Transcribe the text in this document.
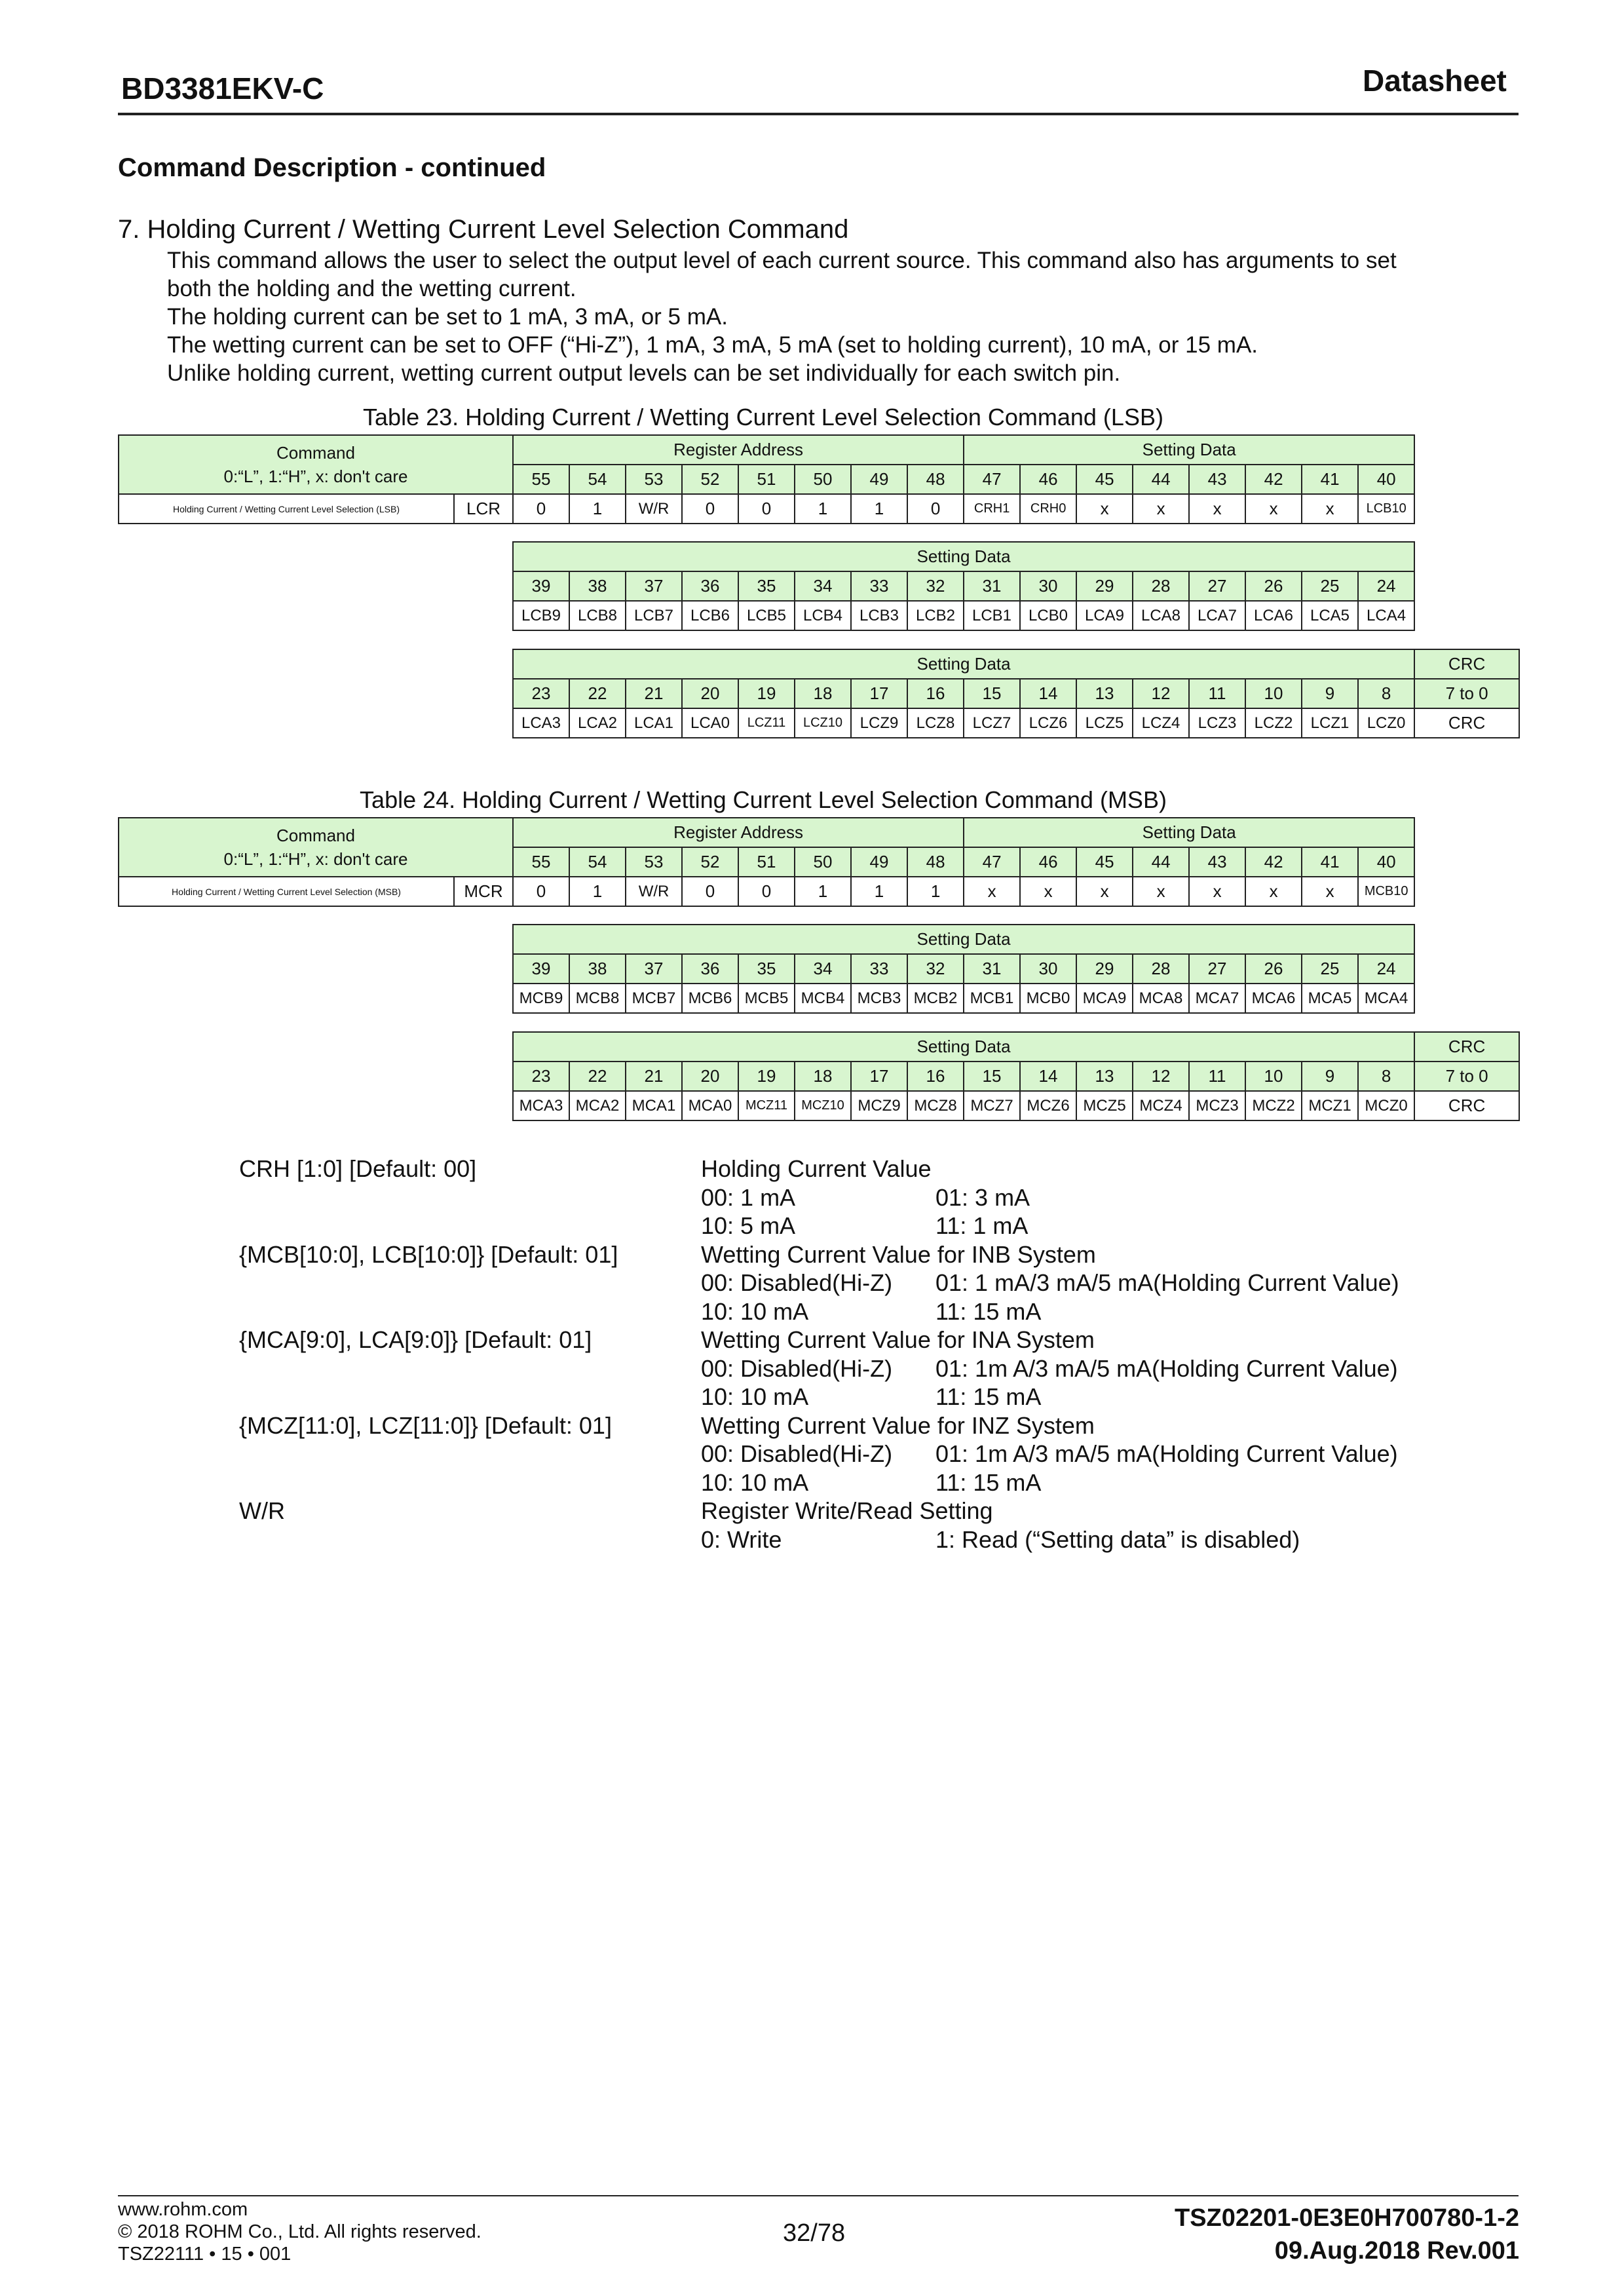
BD3381EKV-C	Datasheet
Command Description - continued
7. Holding Current / Wetting Current Level Selection Command
This command allows the user to select the output level of each current source. This command also has arguments to set
both the holding and the wetting current.
The holding current can be set to 1 mA, 3 mA, or 5 mA.
The wetting current can be set to OFF (“Hi-Z”), 1 mA, 3 mA, 5 mA (set to holding current), 10 mA, or 15 mA.
Unlike holding current, wetting current output levels can be set individually for each switch pin.
Table 23. Holding Current / Wetting Current Level Selection Command (LSB)
Command
0:“L”, 1:“H”, x: don't care		Register Address								Setting Data							
		55	54	53	52	51	50	49	48	47	46	45	44	43	42	41	40
Holding Current / Wetting Current Level Selection (LSB)	LCR	0	1	W/R	0	0	1	1	0	CRH1	CRH0	x	x	x	x	x	LCB10
Setting Data															
39	38	37	36	35	34	33	32	31	30	29	28	27	26	25	24
LCB9	LCB8	LCB7	LCB6	LCB5	LCB4	LCB3	LCB2	LCB1	LCB0	LCA9	LCA8	LCA7	LCA6	LCA5	LCA4
Setting Data																CRC
23	22	21	20	19	18	17	16	15	14	13	12	11	10	9	8	7 to 0
LCA3	LCA2	LCA1	LCA0	LCZ11	LCZ10	LCZ9	LCZ8	LCZ7	LCZ6	LCZ5	LCZ4	LCZ3	LCZ2	LCZ1	LCZ0	CRC
Table 24. Holding Current / Wetting Current Level Selection Command (MSB)
Command
0:“L”, 1:“H”, x: don't care		Register Address								Setting Data							
		55	54	53	52	51	50	49	48	47	46	45	44	43	42	41	40
Holding Current / Wetting Current Level Selection (MSB)	MCR	0	1	W/R	0	0	1	1	1	x	x	x	x	x	x	x	MCB10
Setting Data															
39	38	37	36	35	34	33	32	31	30	29	28	27	26	25	24
MCB9	MCB8	MCB7	MCB6	MCB5	MCB4	MCB3	MCB2	MCB1	MCB0	MCA9	MCA8	MCA7	MCA6	MCA5	MCA4
Setting Data																CRC
23	22	21	20	19	18	17	16	15	14	13	12	11	10	9	8	7 to 0
MCA3	MCA2	MCA1	MCA0	MCZ11	MCZ10	MCZ9	MCZ8	MCZ7	MCZ6	MCZ5	MCZ4	MCZ3	MCZ2	MCZ1	MCZ0	CRC
CRH [1:0] [Default: 00]	Holding Current Value
00: 1 mA	01: 3 mA
10: 5 mA	11: 1 mA
{MCB[10:0], LCB[10:0]} [Default: 01]	Wetting Current Value for INB System
00: Disabled(Hi-Z) 01: 1 mA/3 mA/5 mA(Holding Current Value)
10: 10 mA	11: 15 mA
{MCA[9:0], LCA[9:0]} [Default: 01]	Wetting Current Value for INA System
00: Disabled(Hi-Z) 01: 1m A/3 mA/5 mA(Holding Current Value)
10: 10 mA	11: 15 mA
{MCZ[11:0], LCZ[11:0]} [Default: 01]	Wetting Current Value for INZ System
00: Disabled(Hi-Z) 01: 1m A/3 mA/5 mA(Holding Current Value)
10: 10 mA	11: 15 mA
W/R	Register Write/Read Setting
0: Write	1: Read (“Setting data” is disabled)
www.rohm.com
© 2018 ROHM Co., Ltd. All rights reserved.
TSZ22111 • 15 • 001
32/78
TSZ02201-0E3E0H700780-1-2
09.Aug.2018 Rev.001
